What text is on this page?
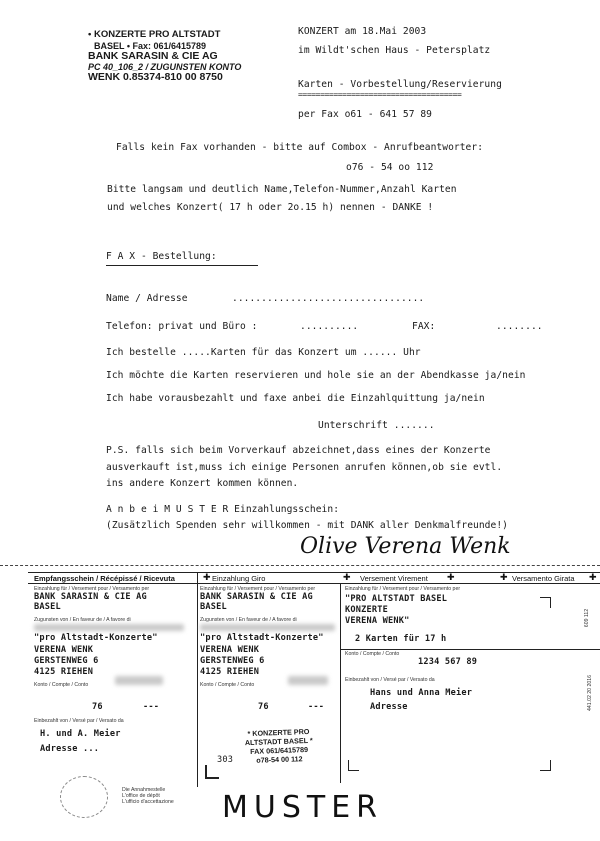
• KONZERTE PRO ALTSTADT
BASEL • Fax: 061/6415789
BANK SARASIN & CIE AG
PC 40_106_2 / ZUGUNSTEN KONTO
WENK 0.85374-810 00 8750
KONZERT am 18.Mai 2003
im Wildt'schen Haus - Petersplatz
Karten - Vorbestellung/Reservierung
=====================================
per Fax o61 - 641 57 89
Falls kein Fax vorhanden - bitte auf Combox - Anrufbeantworter:
o76 - 54 oo 112
Bitte langsam und deutlich Name,Telefon-Nummer,Anzahl Karten
und welches Konzert( 17 h oder 2o.15 h) nennen - DANKE !
F A X - Bestellung:
Name / Adresse	.................................
Telefon: privat und Büro :	..........	FAX:	........
Ich bestelle .....Karten für das Konzert um ...... Uhr
Ich möchte die Karten reservieren und hole sie an der Abendkasse ja/nein
Ich habe vorausbezahlt und faxe anbei die Einzahlquittung ja/nein
Unterschrift .......
P.S. falls sich beim Vorverkauf abzeichnet,dass eines der Konzerte
ausverkauft ist,muss ich einige Personen anrufen können,ob sie evtl.
ins andere Konzert kommen können.
A n b e i M U S T E R Einzahlungsschein:
(Zusätzlich Spenden sehr willkommen - mit DANK aller Denkmalfreunde!)
Olive Verena Wenk
Empfangsschein / Récépissé / Ricevuta	Einzahlung Giro	Versement Virement	Versamento Girata
✚	✚	✚	✚	✚
Einzahlung für / Versement pour / Versamento per
BANK SARASIN & CIE AG
BASEL
Zugunsten von / En faveur de / A favore di
"pro Altstadt-Konzerte"
VERENA WENK
GERSTENWEG 6
4125 RIEHEN
Konto / Compte / Conto
76	---
Einbezahlt von / Versé par / Versato da
H. und A. Meier
Adresse ...
Die Annahmestelle
L'office de dépôt
L'ufficio d'accettazione
Einzahlung für / Versement pour / Versamento per
BANK SARASIN & CIE AG
BASEL
Zugunsten von / En faveur de / A favore di
"pro Altstadt-Konzerte"
VERENA WENK
GERSTENWEG 6
4125 RIEHEN
Konto / Compte / Conto
76	---
* KONZERTE PRO
ALTSTADT BASEL *
FAX 061/6415789
o78-54 00 112
303
Einzahlung für / Versement pour / Versamento per
"PRO ALTSTADT BASEL
KONZERTE
VERENA WENK"
2 Karten für 17 h
Konto / Compte / Conto
1234 567 89
Einbezahlt von / Versé par / Versato da
Hans und Anna Meier
Adresse
609 112
441.02 20 2016
MUSTER
